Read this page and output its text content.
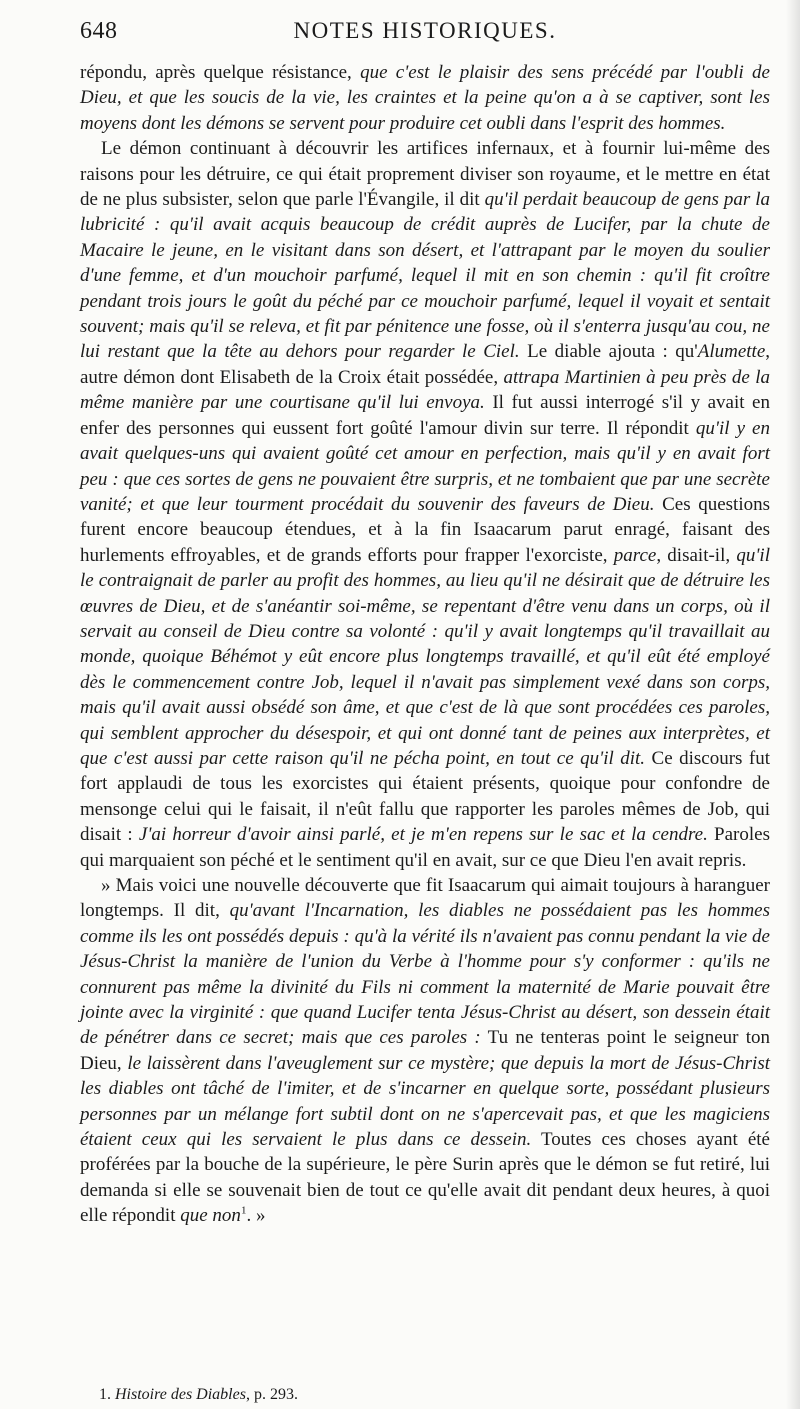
648	NOTES HISTORIQUES.

répondu, après quelque résistance, que c'est le plaisir des sens précédé par l'oubli de Dieu, et que les soucis de la vie, les craintes et la peine qu'on a à se captiver, sont les moyens dont les démons se servent pour produire cet oubli dans l'esprit des hommes.

Le démon continuant à découvrir les artifices infernaux, et à fournir lui-même des raisons pour les détruire, ce qui était proprement diviser son royaume, et le mettre en état de ne plus subsister, selon que parle l'Évangile, il dit qu'il perdait beaucoup de gens par la lubricité : qu'il avait acquis beaucoup de crédit auprès de Lucifer, par la chute de Macaire le jeune, en le visitant dans son désert, et l'attrapant par le moyen du soulier d'une femme, et d'un mouchoir parfumé, lequel il mit en son chemin : qu'il fit croître pendant trois jours le goût du péché par ce mouchoir parfumé, lequel il voyait et sentait souvent; mais qu'il se releva, et fit par pénitence une fosse, où il s'enterra jusqu'au cou, ne lui restant que la tête au dehors pour regarder le Ciel. Le diable ajouta : qu'Alumette, autre démon dont Elisabeth de la Croix était possédée, attrapa Martinien à peu près de la même manière par une courtisane qu'il lui envoya. Il fut aussi interrogé s'il y avait en enfer des personnes qui eussent fort goûté l'amour divin sur terre. Il répondit qu'il y en avait quelques-uns qui avaient goûté cet amour en perfection, mais qu'il y en avait fort peu : que ces sortes de gens ne pouvaient être surpris, et ne tombaient que par une secrète vanité; et que leur tourment procédait du souvenir des faveurs de Dieu. Ces questions furent encore beaucoup étendues, et à la fin Isaacarum parut enragé, faisant des hurlements effroyables, et de grands efforts pour frapper l'exorciste, parce, disait-il, qu'il le contraignait de parler au profit des hommes, au lieu qu'il ne désirait que de détruire les œuvres de Dieu, et de s'anéantir soi-même, se repentant d'être venu dans un corps, où il servait au conseil de Dieu contre sa volonté : qu'il y avait longtemps qu'il travaillait au monde, quoique Béhémot y eût encore plus longtemps travaillé, et qu'il eût été employé dès le commencement contre Job, lequel il n'avait pas simplement vexé dans son corps, mais qu'il avait aussi obsédé son âme, et que c'est de là que sont procédées ces paroles, qui semblent approcher du désespoir, et qui ont donné tant de peines aux interprètes, et que c'est aussi par cette raison qu'il ne pécha point, en tout ce qu'il dit. Ce discours fut fort applaudi de tous les exorcistes qui étaient présents, quoique pour confondre de mensonge celui qui le faisait, il n'eût fallu que rapporter les paroles mêmes de Job, qui disait : J'ai horreur d'avoir ainsi parlé, et je m'en repens sur le sac et la cendre. Paroles qui marquaient son péché et le sentiment qu'il en avait, sur ce que Dieu l'en avait repris.

» Mais voici une nouvelle découverte que fit Isaacarum qui aimait toujours à haranguer longtemps. Il dit, qu'avant l'Incarnation, les diables ne possédaient pas les hommes comme ils les ont possédés depuis : qu'à la vérité ils n'avaient pas connu pendant la vie de Jésus-Christ la manière de l'union du Verbe à l'homme pour s'y conformer : qu'ils ne connurent pas même la divinité du Fils ni comment la maternité de Marie pouvait être jointe avec la virginité : que quand Lucifer tenta Jésus-Christ au désert, son dessein était de pénétrer dans ce secret; mais que ces paroles : Tu ne tenteras point le seigneur ton Dieu, le laissèrent dans l'aveuglement sur ce mystère; que depuis la mort de Jésus-Christ les diables ont tâché de l'imiter, et de s'incarner en quelque sorte, possédant plusieurs personnes par un mélange fort subtil dont on ne s'apercevait pas, et que les magiciens étaient ceux qui les servaient le plus dans ce dessein. Toutes ces choses ayant été proférées par la bouche de la supérieure, le père Surin après que le démon se fut retiré, lui demanda si elle se souvenait bien de tout ce qu'elle avait dit pendant deux heures, à quoi elle répondit que non$^1$. »

1. Histoire des Diables, p. 293.
